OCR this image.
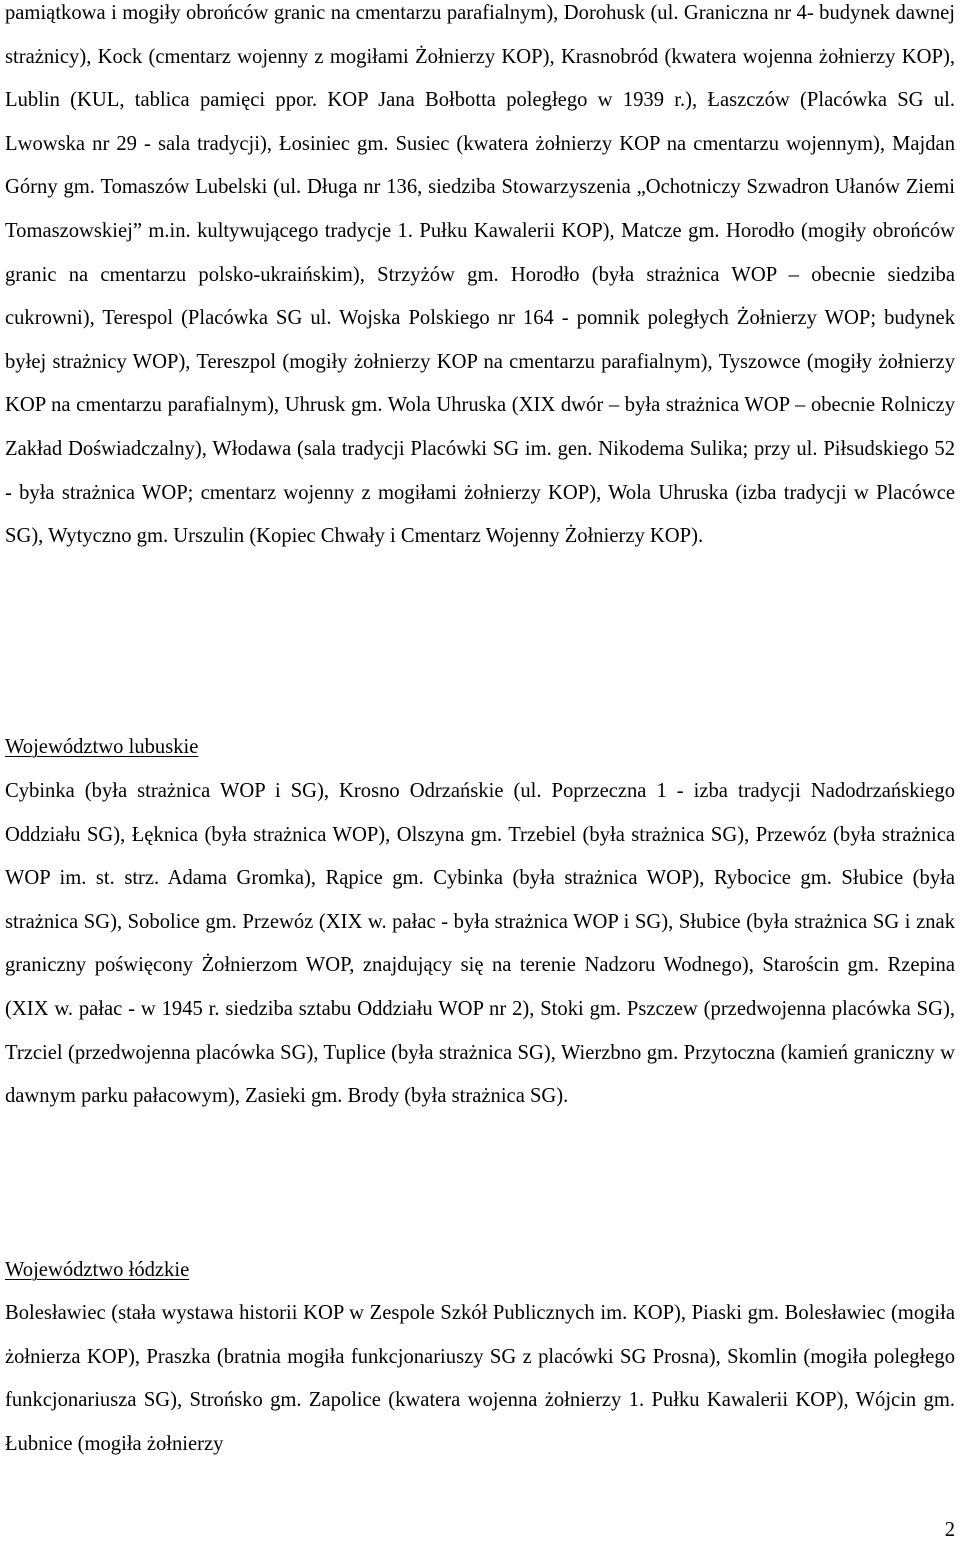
pamiątkowa i mogiły obrońców granic na cmentarzu parafialnym), Dorohusk (ul. Graniczna nr 4- budynek dawnej strażnicy), Kock (cmentarz wojenny z mogiłami Żołnierzy KOP), Krasnobród (kwatera wojenna żołnierzy KOP), Lublin (KUL, tablica pamięci ppor. KOP Jana Bołbotta poległego w 1939 r.), Łaszczów (Placówka SG ul. Lwowska nr 29 - sala tradycji), Łosiniec gm. Susiec (kwatera żołnierzy KOP na cmentarzu wojennym), Majdan Górny gm. Tomaszów Lubelski (ul. Długa nr 136, siedziba Stowarzyszenia „Ochotniczy Szwadron Ułanów Ziemi Tomaszowskiej” m.in. kultywującego tradycje 1. Pułku Kawalerii KOP), Matcze gm. Horodło (mogiły obrońców granic na cmentarzu polsko-ukraińskim), Strzyżów gm. Horodło (była strażnica WOP – obecnie siedziba cukrowni), Terespol (Placówka SG ul. Wojska Polskiego nr 164 - pomnik poległych Żołnierzy WOP; budynek byłej strażnicy WOP), Tereszpol (mogiły żołnierzy KOP na cmentarzu parafialnym), Tyszowce (mogiły żołnierzy KOP na cmentarzu parafialnym), Uhrusk gm. Wola Uhruska (XIX dwór – była strażnica WOP – obecnie Rolniczy Zakład Doświadczalny), Włodawa (sala tradycji Placówki SG im. gen. Nikodema Sulika; przy ul. Piłsudskiego 52 - była strażnica WOP; cmentarz wojenny z mogiłami żołnierzy KOP), Wola Uhruska (izba tradycji w Placówce SG), Wytyczno gm. Urszulin (Kopiec Chwały i Cmentarz Wojenny Żołnierzy KOP).

Województwo lubuskie

Cybinka (była strażnica WOP i SG), Krosno Odrzańskie (ul. Poprzeczna 1 - izba tradycji Nadodrzańskiego Oddziału SG), Łęknica (była strażnica WOP), Olszyna gm. Trzebiel (była strażnica SG), Przewóz (była strażnica WOP im. st. strz. Adama Gromka), Rąpice gm. Cybinka (była strażnica WOP), Rybocice gm. Słubice (była strażnica SG), Sobolice gm. Przewóz (XIX w. pałac - była strażnica WOP i SG), Słubice (była strażnica SG i znak graniczny poświęcony Żołnierzom WOP, znajdujący się na terenie Nadzoru Wodnego), Starościn gm. Rzepina (XIX w. pałac - w 1945 r. siedziba sztabu Oddziału WOP nr 2), Stoki gm. Pszczew (przedwojenna placówka SG), Trzciel (przedwojenna placówka SG), Tuplice (była strażnica SG), Wierzbno gm. Przytoczna (kamień graniczny w dawnym parku pałacowym), Zasieki gm. Brody (była strażnica SG).

Województwo łódzkie

Bolesławiec (stała wystawa historii KOP w Zespole Szkół Publicznych im. KOP), Piaski gm. Bolesławiec (mogiła żołnierza KOP), Praszka (bratnia mogiła funkcjonariuszy SG z placówki SG Prosna), Skomlin (mogiła poległego funkcjonariusza SG), Strońsko gm. Zapolice (kwatera wojenna żołnierzy 1. Pułku Kawalerii KOP), Wójcin gm. Łubnice (mogiła żołnierzy

2
